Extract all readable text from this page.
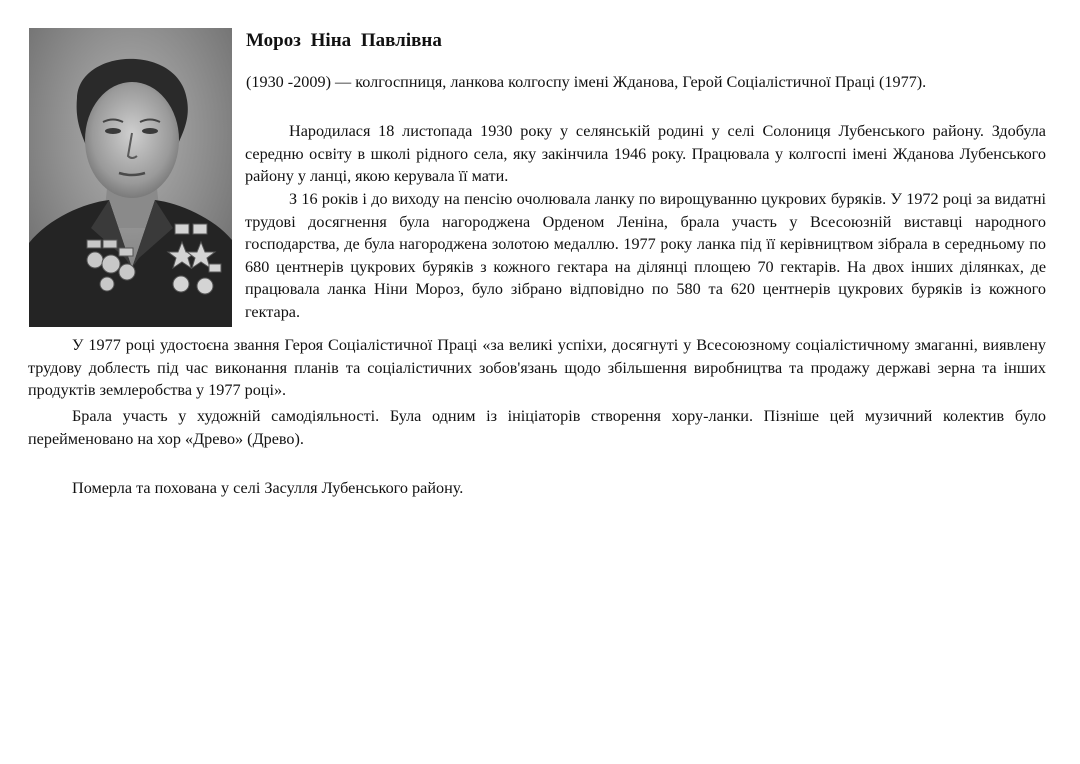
Мороз Ніна Павлівна

(1930 -2009) — колгоспниця, ланкова колгоспу імені Жданова, Герой Соціалістичної Праці (1977).

Народилася 18 листопада 1930 року у селянській родині у селі Солониця Лубенського району. Здобула середню освіту в школі рідного села, яку закінчила 1946 року. Працювала у колгоспі імені Жданова Лубенського району у ланці, якою керувала її мати.

З 16 років і до виходу на пенсію очолювала ланку по вирощуванню цукрових буряків. У 1972 році за видатні трудові досягнення була нагороджена Орденом Леніна, брала участь у Всесоюзній виставці народного господарства, де була нагороджена золотою медаллю. 1977 року ланка під її керівництвом зібрала в середньому по 680 центнерів цукрових буряків з кожного гектара на ділянці площею 70 гектарів. На двох інших ділянках, де працювала ланка Ніни Мороз, було зібрано відповідно по 580 та 620 центнерів цукрових буряків із кожного гектара.

У 1977 році удостоєна звання Героя Соціалістичної Праці «за великі успіхи, досягнуті у Всесоюзному соціалістичному змаганні, виявлену трудову доблесть під час виконання планів та соціалістичних зобов'язань щодо збільшення виробництва та продажу державі зерна та інших продуктів землеробства у 1977 році».

Брала участь у художній самодіяльності. Була одним із ініціаторів створення хору-ланки. Пізніше цей музичний колектив було перейменовано на хор «Древо» (Древо).

Померла та похована у селі Засулля Лубенського району.
